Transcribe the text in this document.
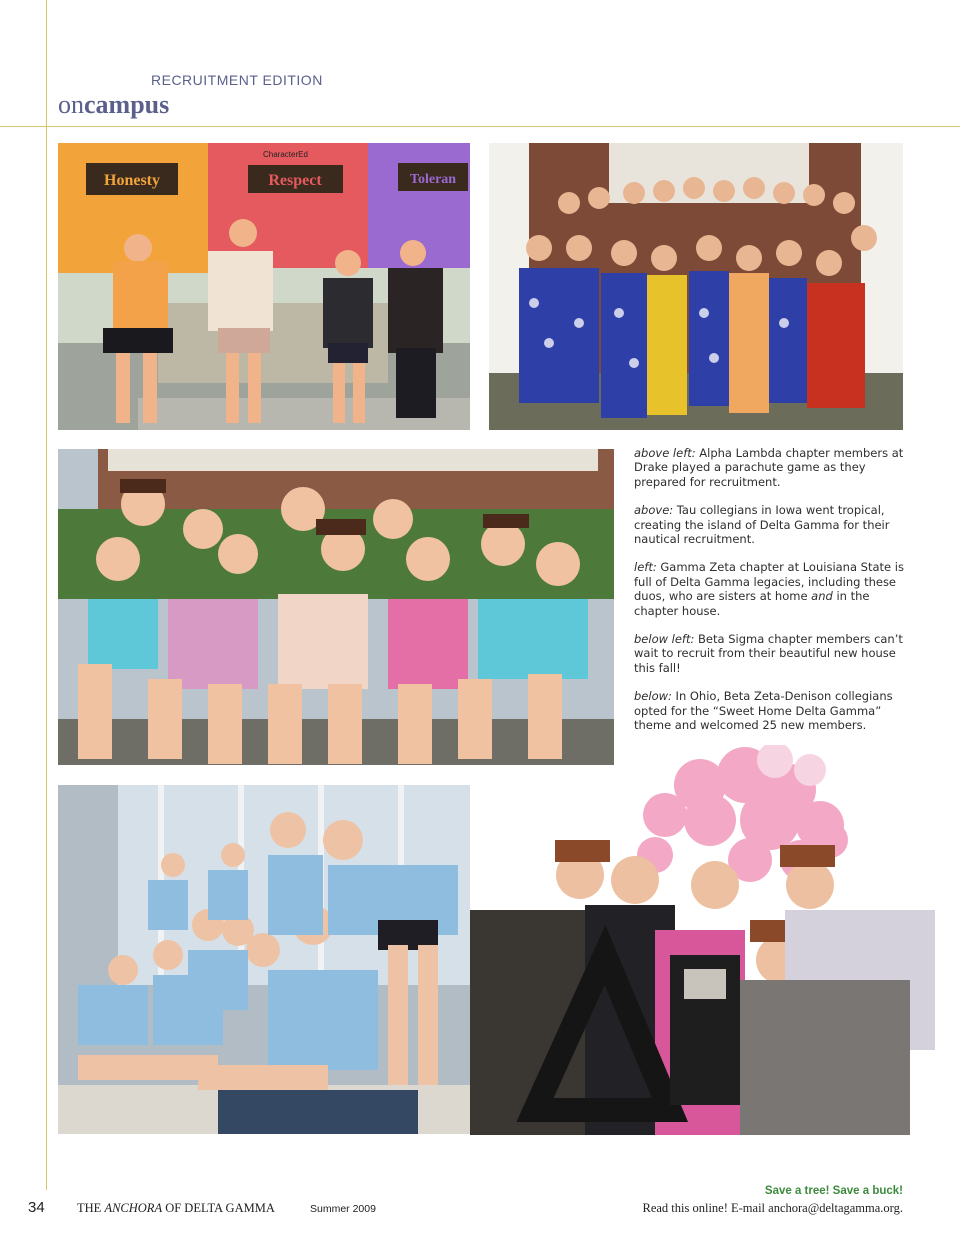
RECRUITMENT EDITION
oncampus
CharacterEd
Honesty	Respect	Toleran

above left: Alpha Lambda chapter members at Drake played a parachute game as they prepared for recruitment.

above: Tau collegians in Iowa went tropical, creating the island of Delta Gamma for their nautical recruitment.

left: Gamma Zeta chapter at Louisiana State is full of Delta Gamma legacies, including these duos, who are sisters at home and in the chapter house.

below left: Beta Sigma chapter members can’t wait to recruit from their beautiful new house this fall!

below: In Ohio, Beta Zeta-Denison collegians opted for the “Sweet Home Delta Gamma” theme and welcomed 25 new members.

34	THE ANCHORA OF DELTA GAMMA	Summer 2009
Save a tree! Save a buck!
Read this online! E-mail anchora@deltagamma.org.
